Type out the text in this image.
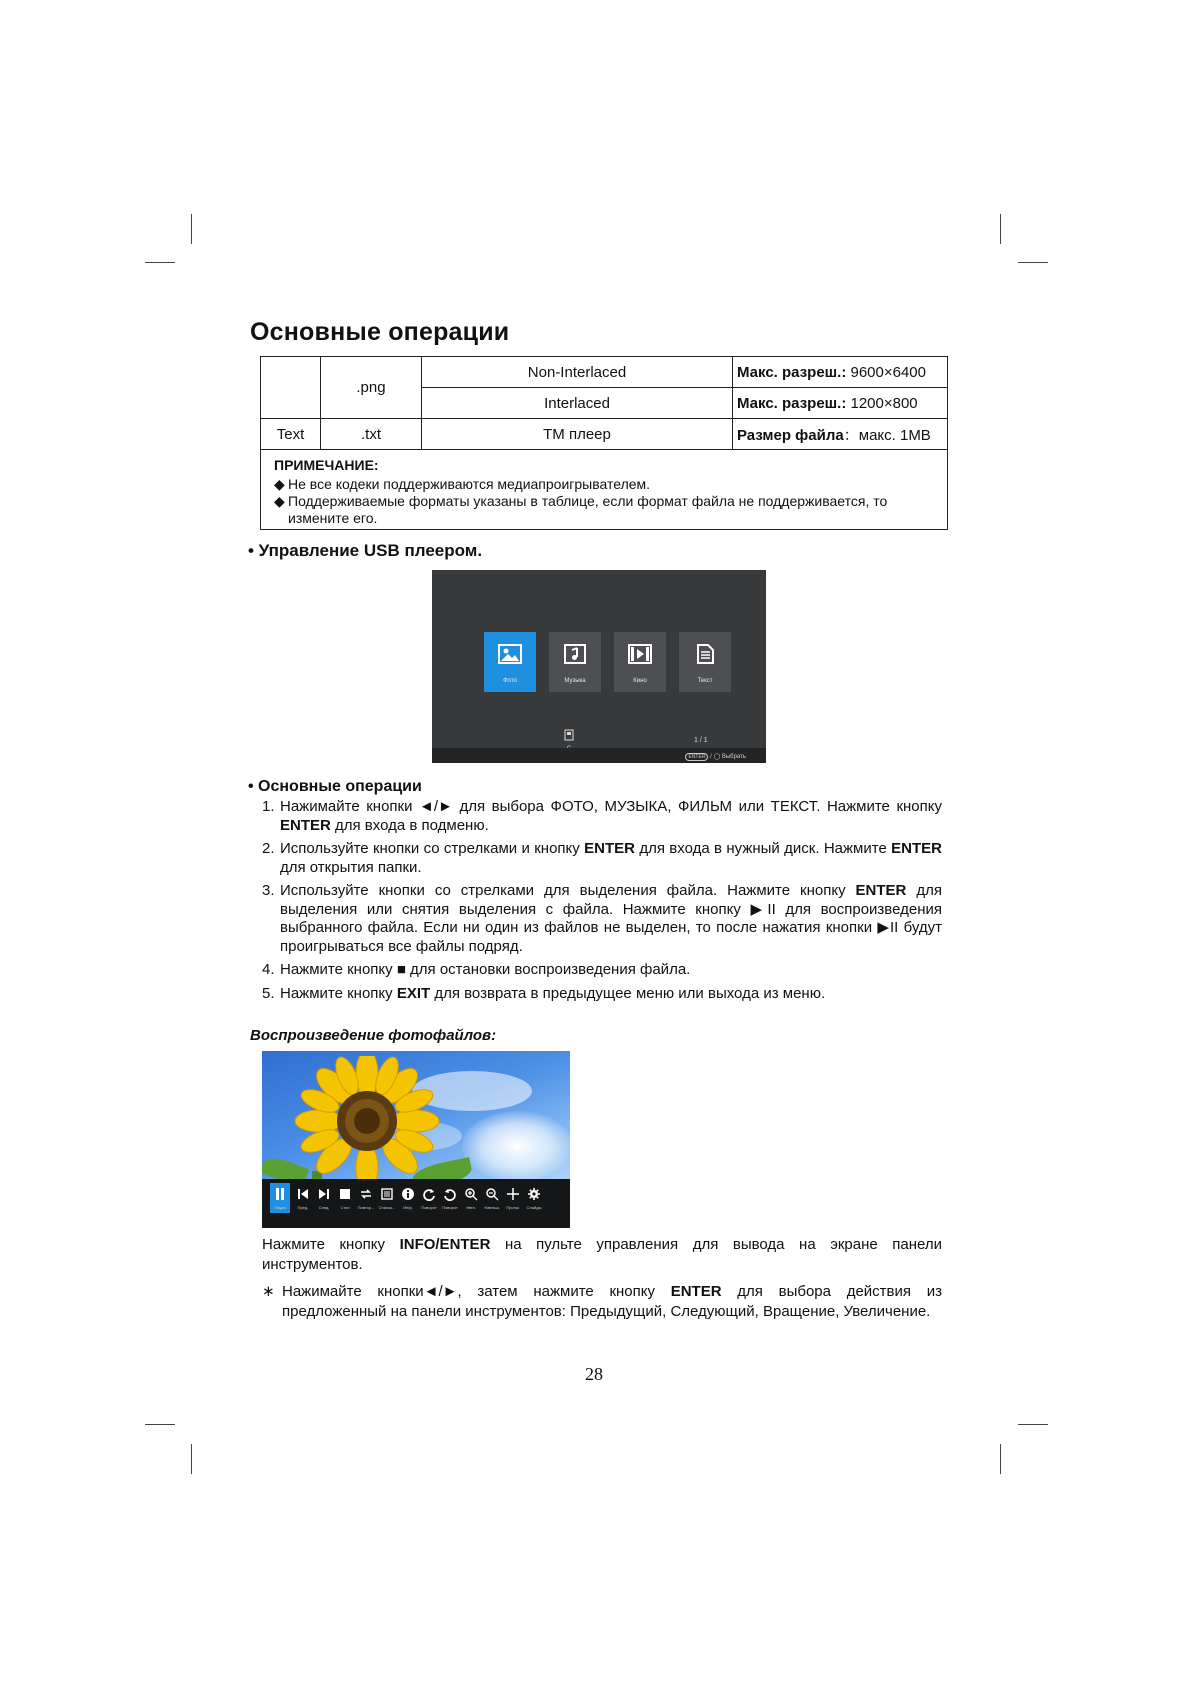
Основные операции
	.png	Non-Interlaced	Макс. разреш.: 9600×6400
		Interlaced	Макс. разреш.: 1200×800
Text	.txt	ТМ плеер	Размер файла：макс. 1MB
ПРИМЕЧАНИЕ:
◆ Не все кодеки поддерживаются медиапроигрывателем.
◆ Поддерживаемые форматы указаны в таблице, если формат файла не поддерживается, то
измените его.
• Управление USB плеером.
Фото	Музыка	Кино	Текст
1 / 1
ENTER / ◯ Выбрать
• Основные операции
1. Нажимайте кнопки ◄/► для выбора ФОТО, МУЗЫКА, ФИЛЬМ или ТЕКСТ. Нажмите кнопку ENTER для входа в подменю.
2. Используйте кнопки со стрелками и кнопку ENTER для входа в нужный диск. Нажмите ENTER для открытия папки.
3. Используйте кнопки со стрелками для выделения файла. Нажмите кнопку ENTER для выделения или снятия выделения с файла. Нажмите кнопку ▶II для воспроизведения выбранного файла. Если ни один из файлов не выделен, то после нажатия кнопки ▶II будут проигрываться все файлы подряд.
4. Нажмите кнопку ■ для остановки воспроизведения файла.
5. Нажмите кнопку EXIT для возврата в предыдущее меню или выхода из меню.
Воспроизведение фотофайлов:
Пауза	Пред.	След.	Стоп	Повтор...	Список...	Инф.	Поворот	Поворот	Увел.	Уменьш.	Пролж.	Слайды
Нажмите кнопку INFO/ENTER на пульте управления для вывода на экране панели инструментов.
∗ Нажимайте кнопки◄/►, затем нажмите кнопку ENTER для выбора действия из предложенный на панели инструментов: Предыдущий, Следующий, Вращение, Увеличение.
28
